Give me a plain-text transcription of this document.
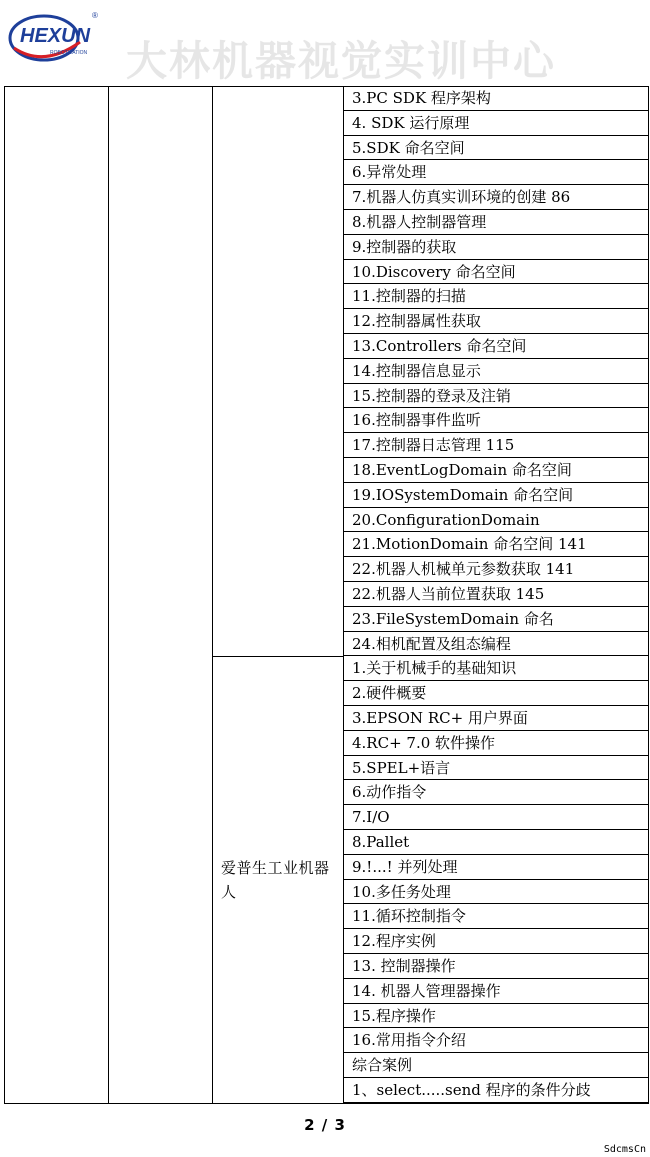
HEXUN
ROBOTIZATION
®
大林机器视觉实训中心
爱普生工业机器人
3.PC SDK 程序架构
4. SDK 运行原理
5.SDK 命名空间
6.异常处理
7.机器人仿真实训环境的创建 86
8.机器人控制器管理
9.控制器的获取
10.Discovery 命名空间
11.控制器的扫描
12.控制器属性获取
13.Controllers 命名空间
14.控制器信息显示
15.控制器的登录及注销
16.控制器事件监听
17.控制器日志管理 115
18.EventLogDomain 命名空间
19.IOSystemDomain 命名空间
20.ConfigurationDomain
21.MotionDomain 命名空间 141
22.机器人机械单元参数获取 141
22.机器人当前位置获取 145
23.FileSystemDomain 命名
24.相机配置及组态编程
1.关于机械手的基础知识
2.硬件概要
3.EPSON RC+ 用户界面
4.RC+ 7.0 软件操作
5.SPEL+语言
6.动作指令
7.I/O
8.Pallet
9.!...! 并列处理
10.多任务处理
11.循环控制指令
12.程序实例
13. 控制器操作
14. 机器人管理器操作
15.程序操作
16.常用指令介绍
综合案例
1、select.....send 程序的条件分歧
2 / 3
SdcmsCn
